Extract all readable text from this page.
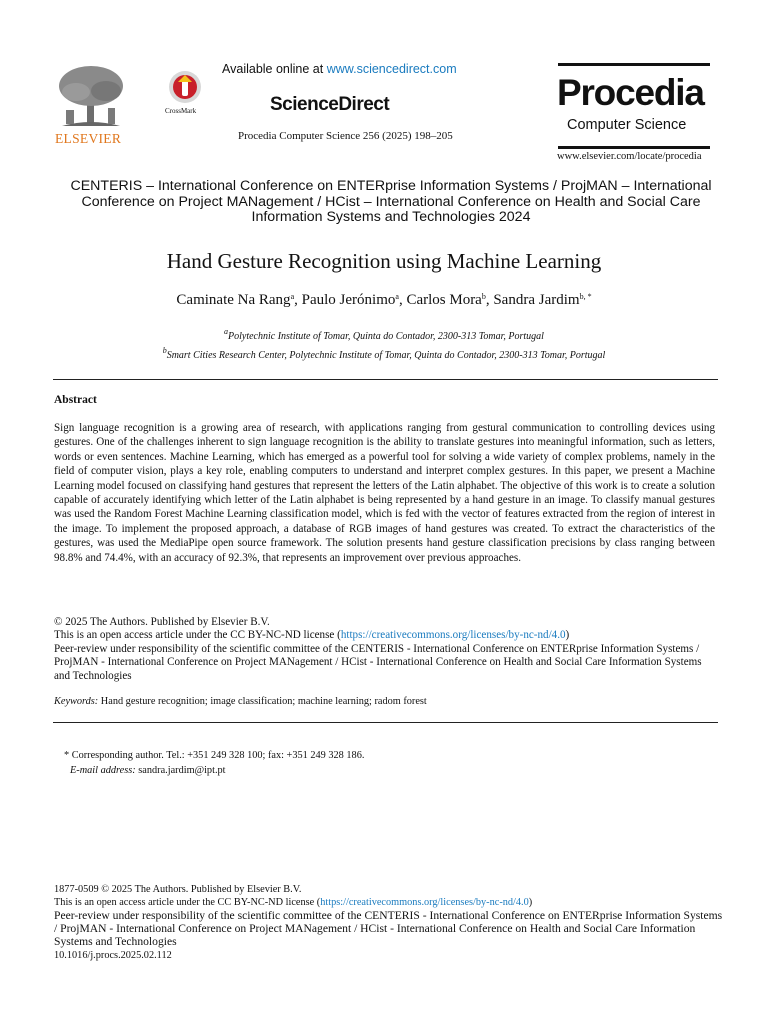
ELSEVIER
CrossMark
Available online at www.sciencedirect.com
ScienceDirect
Procedia Computer Science 256 (2025) 198–205
Procedia
Computer Science
www.elsevier.com/locate/procedia
CENTERIS – International Conference on ENTERprise Information Systems / ProjMAN – International Conference on Project MANagement / HCist – International Conference on Health and Social Care Information Systems and Technologies 2024
Hand Gesture Recognition using Machine Learning
Caminate Na Rang$^a$, Paulo Jerónimo$^a$, Carlos Mora$^b$, Sandra Jardim$^{b, *}$
$^a$Polytechnic Institute of Tomar, Quinta do Contador, 2300-313 Tomar, Portugal
$^b$Smart Cities Research Center, Polytechnic Institute of Tomar, Quinta do Contador, 2300-313 Tomar, Portugal
Abstract
Sign language recognition is a growing area of research, with applications ranging from gestural communication to controlling devices using gestures. One of the challenges inherent to sign language recognition is the ability to translate gestures into meaningful information, such as letters, words or even sentences. Machine Learning, which has emerged as a powerful tool for solving a wide variety of complex problems, namely in the field of computer vision, plays a key role, enabling computers to understand and interpret complex gestures. In this paper, we present a Machine Learning model focused on classifying hand gestures that represent the letters of the Latin alphabet. The objective of this work is to create a solution capable of accurately identifying which letter of the Latin alphabet is being represented by a hand gesture in an image. To classify manual gestures was used the Random Forest Machine Learning classification model, which is fed with the vector of features extracted from the region of interest in the image. To implement the proposed approach, a database of RGB images of hand gestures was created. To extract the characteristics of the gestures, was used the MediaPipe open source framework. The solution presents hand gesture classification precisions by class ranging between 98.8% and 74.4%, with an accuracy of 92.3%, that represents an improvement over previous approaches.
© 2025 The Authors. Published by Elsevier B.V.
This is an open access article under the CC BY-NC-ND license (https://creativecommons.org/licenses/by-nc-nd/4.0)
Peer-review under responsibility of the scientific committee of the CENTERIS - International Conference on ENTERprise Information Systems / ProjMAN - International Conference on Project MANagement / HCist - International Conference on Health and Social Care Information Systems and Technologies
Keywords: Hand gesture recognition; image classification; machine learning; radom forest
* Corresponding author. Tel.: +351 249 328 100; fax: +351 249 328 186.
E-mail address: sandra.jardim@ipt.pt
1877-0509 © 2025 The Authors. Published by Elsevier B.V.
This is an open access article under the CC BY-NC-ND license (https://creativecommons.org/licenses/by-nc-nd/4.0)
Peer-review under responsibility of the scientific committee of the CENTERIS - International Conference on ENTERprise Information Systems / ProjMAN - International Conference on Project MANagement / HCist - International Conference on Health and Social Care Information Systems and Technologies
10.1016/j.procs.2025.02.112
